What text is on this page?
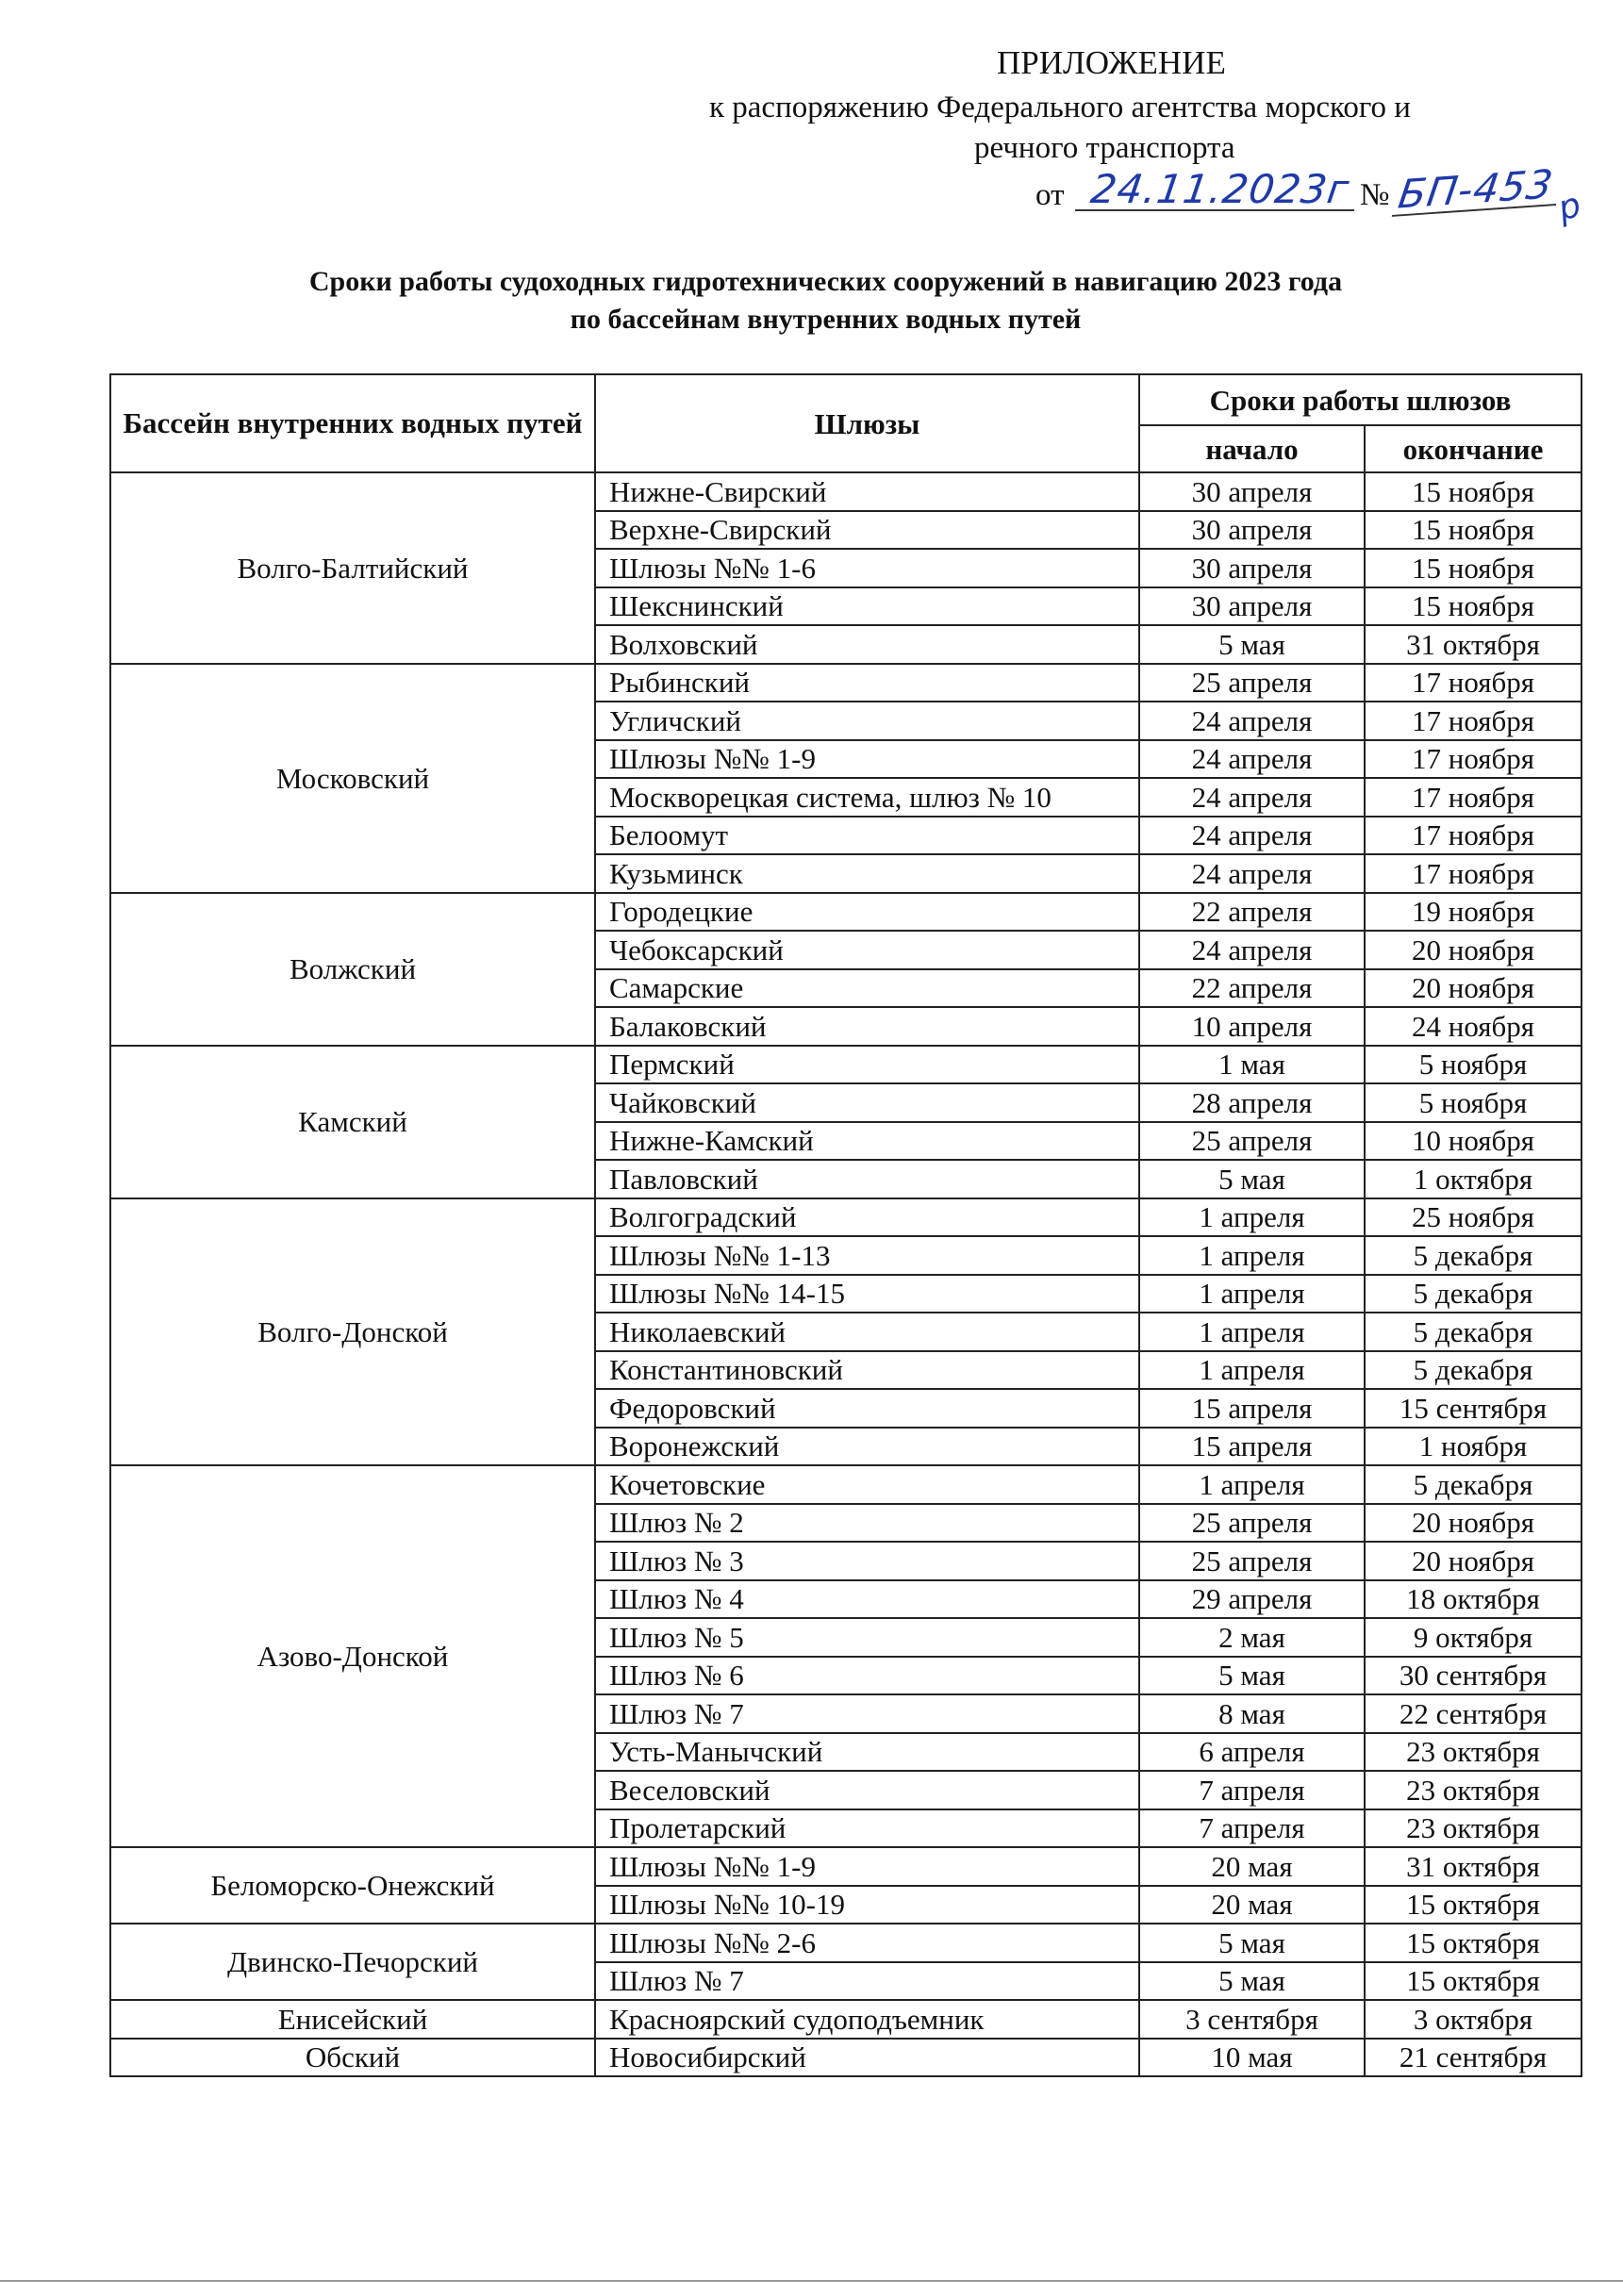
ПРИЛОЖЕНИЕ
к распоряжению Федерального агентства морского и
речного транспорта
от 24.11.2023г № БП-453
р
Сроки работы судоходных гидротехнических сооружений в навигацию 2023 года
по бассейнам внутренних водных путей
Бассейн внутренних водных путей	Шлюзы	Сроки работы шлюзов	
		начало	окончание
Волго-Балтийский	Нижне-Свирский	30 апреля	15 ноября
	Верхне-Свирский	30 апреля	15 ноября
	Шлюзы №№ 1-6	30 апреля	15 ноября
	Шекснинский	30 апреля	15 ноября
	Волховский	5 мая	31 октября
Московский	Рыбинский	25 апреля	17 ноября
	Угличский	24 апреля	17 ноября
	Шлюзы №№ 1-9	24 апреля	17 ноября
	Москворецкая система, шлюз № 10	24 апреля	17 ноября
	Белоомут	24 апреля	17 ноября
	Кузьминск	24 апреля	17 ноября
Волжский	Городецкие	22 апреля	19 ноября
	Чебоксарский	24 апреля	20 ноября
	Самарские	22 апреля	20 ноября
	Балаковский	10 апреля	24 ноября
Камский	Пермский	1 мая	5 ноября
	Чайковский	28 апреля	5 ноября
	Нижне-Камский	25 апреля	10 ноября
	Павловский	5 мая	1 октября
Волго-Донской	Волгоградский	1 апреля	25 ноября
	Шлюзы №№ 1-13	1 апреля	5 декабря
	Шлюзы №№ 14-15	1 апреля	5 декабря
	Николаевский	1 апреля	5 декабря
	Константиновский	1 апреля	5 декабря
	Федоровский	15 апреля	15 сентября
	Воронежский	15 апреля	1 ноября
Азово-Донской	Кочетовские	1 апреля	5 декабря
	Шлюз № 2	25 апреля	20 ноября
	Шлюз № 3	25 апреля	20 ноября
	Шлюз № 4	29 апреля	18 октября
	Шлюз № 5	2 мая	9 октября
	Шлюз № 6	5 мая	30 сентября
	Шлюз № 7	8 мая	22 сентября
	Усть-Манычский	6 апреля	23 октября
	Веселовский	7 апреля	23 октября
	Пролетарский	7 апреля	23 октября
Беломорско-Онежский	Шлюзы №№ 1-9	20 мая	31 октября
	Шлюзы №№ 10-19	20 мая	15 октября
Двинско-Печорский	Шлюзы №№ 2-6	5 мая	15 октября
	Шлюз № 7	5 мая	15 октября
Енисейский	Красноярский судоподъемник	3 сентября	3 октября
Обский	Новосибирский	10 мая	21 сентября
